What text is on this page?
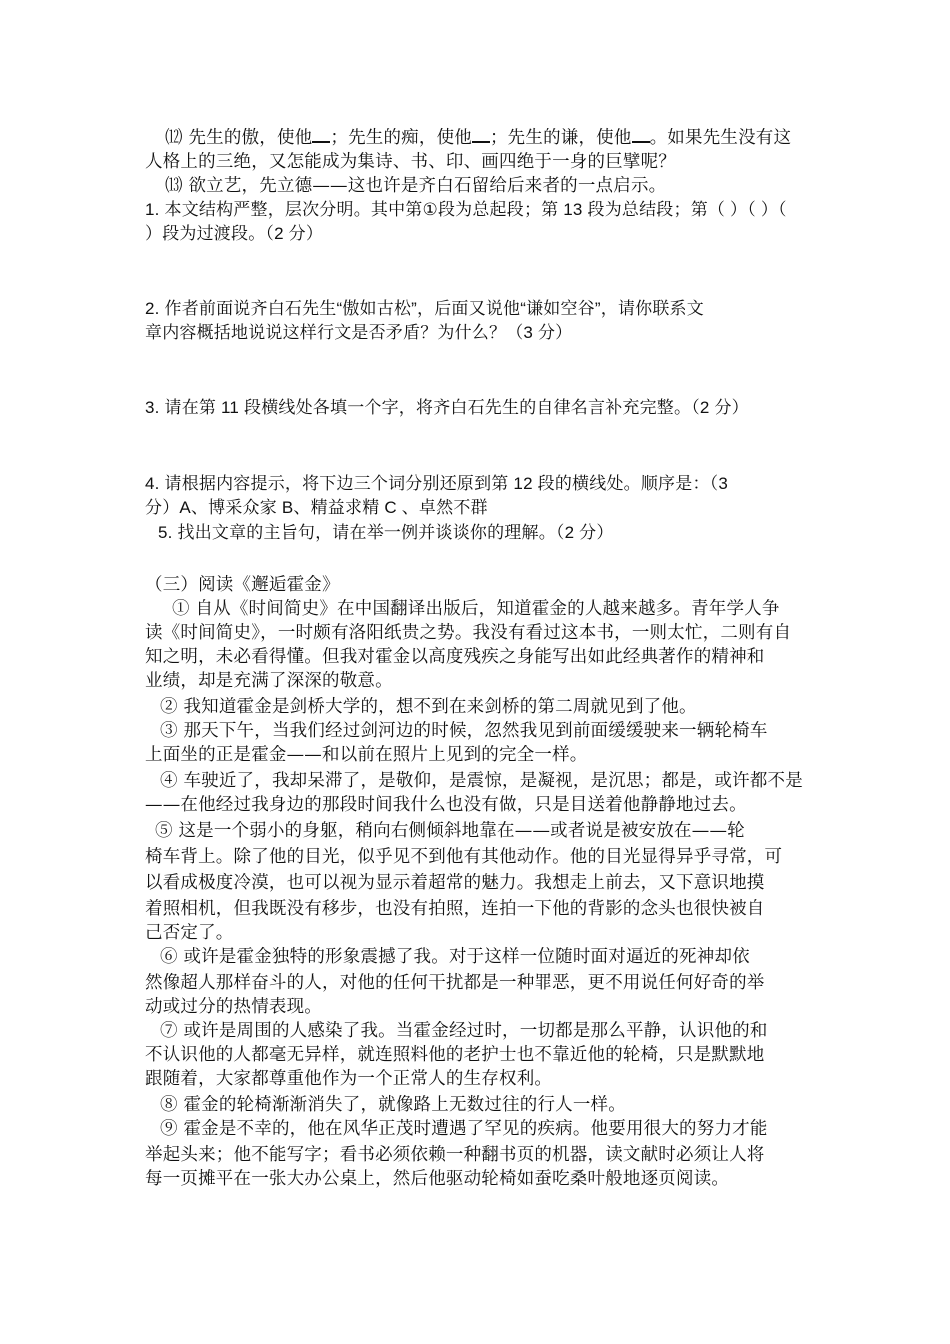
⑿ 先生的傲，使他 ；先生的痴，使他 ；先生的谦，使他 。如果先生没有这
人格上的三绝，又怎能成为集诗、书、印、画四绝于一身的巨擘呢？
⒀ 欲立艺，先立德——这也许是齐白石留给后来者的一点启示。
1. 本文结构严整，层次分明。其中第①段为总起段；第 13 段为总结段；第（ ）（ ）（
）段为过渡段。（2 分）
2. 作者前面说齐白石先生“傲如古松”，后面又说他“谦如空谷”，请你联系文
章内容概括地说说这样行文是否矛盾？为什么？（3 分）
3. 请在第 11 段横线处各填一个字，将齐白石先生的自律名言补充完整。（2 分）
4. 请根据内容提示，将下边三个词分别还原到第 12 段的横线处。顺序是：（3
分）A、博采众家 B、精益求精 C 、卓然不群
5. 找出文章的主旨句，请在举一例并谈谈你的理解。（2 分）
（三）阅读《邂逅霍金》
① 自从《时间简史》在中国翻译出版后，知道霍金的人越来越多。青年学人争
读《时间简史》，一时颇有洛阳纸贵之势。我没有看过这本书，一则太忙，二则有自
知之明，未必看得懂。但我对霍金以高度残疾之身能写出如此经典著作的精神和
业绩，却是充满了深深的敬意。
② 我知道霍金是剑桥大学的，想不到在来剑桥的第二周就见到了他。
③ 那天下午，当我们经过剑河边的时候，忽然我见到前面缓缓驶来一辆轮椅车
上面坐的正是霍金——和以前在照片上见到的完全一样。
④ 车驶近了，我却呆滞了，是敬仰，是震惊，是凝视，是沉思；都是，或许都不是
——在他经过我身边的那段时间我什么也没有做，只是目送着他静静地过去。
⑤ 这是一个弱小的身躯，稍向右侧倾斜地靠在——或者说是被安放在——轮
椅车背上。除了他的目光，似乎见不到他有其他动作。他的目光显得异乎寻常，可
以看成极度冷漠，也可以视为显示着超常的魅力。我想走上前去，又下意识地摸
着照相机，但我既没有移步，也没有拍照，连拍一下他的背影的念头也很快被自
己否定了。
⑥ 或许是霍金独特的形象震撼了我。对于这样一位随时面对逼近的死神却依
然像超人那样奋斗的人，对他的任何干扰都是一种罪恶，更不用说任何好奇的举
动或过分的热情表现。
⑦ 或许是周围的人感染了我。当霍金经过时，一切都是那么平静，认识他的和
不认识他的人都毫无异样，就连照料他的老护士也不靠近他的轮椅，只是默默地
跟随着，大家都尊重他作为一个正常人的生存权利。
⑧ 霍金的轮椅渐渐消失了，就像路上无数过往的行人一样。
⑨ 霍金是不幸的，他在风华正茂时遭遇了罕见的疾病。他要用很大的努力才能
举起头来；他不能写字；看书必须依赖一种翻书页的机器，读文献时必须让人将
每一页摊平在一张大办公桌上，然后他驱动轮椅如蚕吃桑叶般地逐页阅读。
